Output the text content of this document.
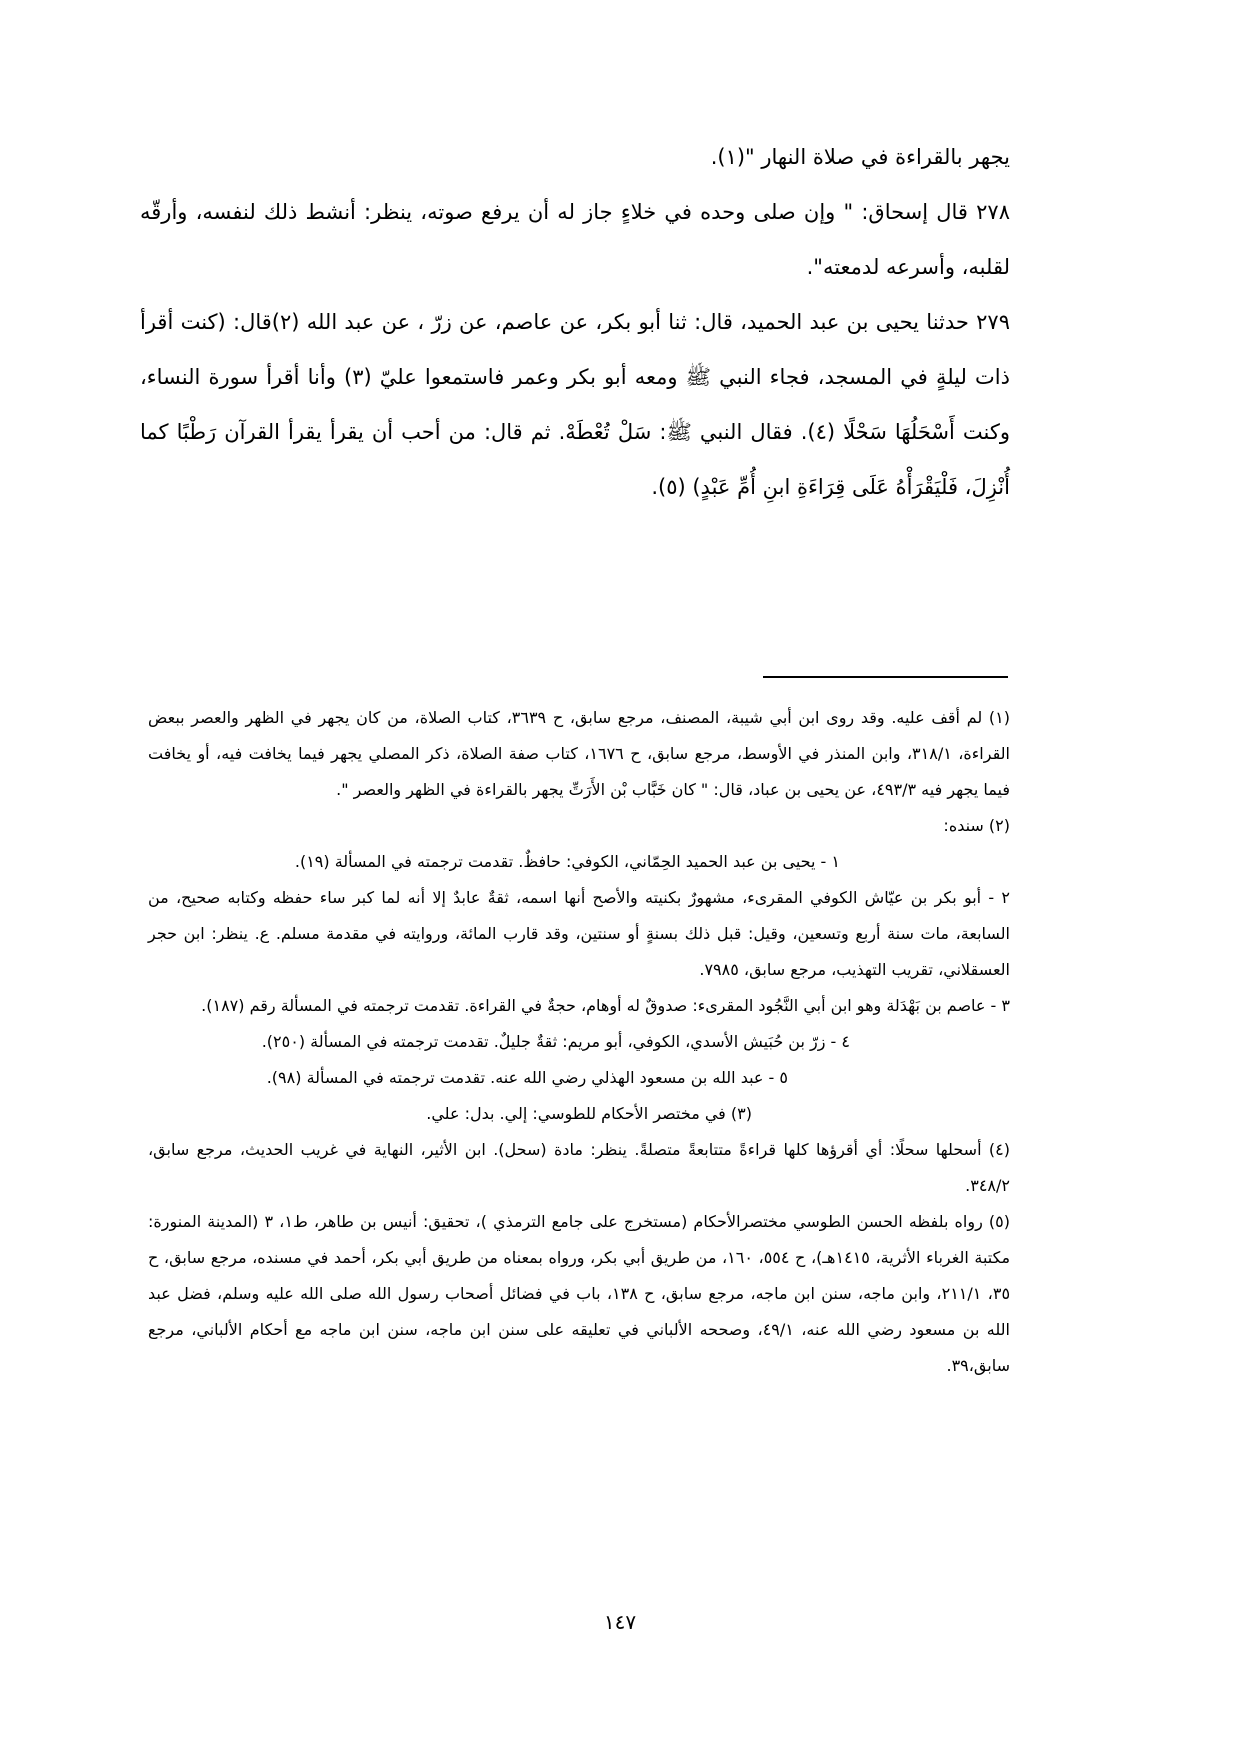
يجهر بالقراءة في صلاة النهار "(١).

٢٧٨ قال إسحاق: " وإن صلى وحده في خلاءٍ جاز له أن يرفع صوته، ينظر: أنشط ذلك لنفسه، وأرقّه لقلبه، وأسرعه لدمعته".

٢٧٩ حدثنا يحيى بن عبد الحميد، قال: ثنا أبو بكر، عن عاصم، عن زرّ ، عن عبد الله (٢)قال: (كنت أقرأ ذات ليلةٍ في المسجد، فجاء النبي ﷺ ومعه أبو بكر وعمر فاستمعوا عليّ (٣) وأنا أقرأ سورة النساء، وكنت أَسْحَلُهَا سَحْلًا (٤). فقال النبي ﷺ: سَلْ تُعْطَهْ. ثم قال: من أحب أن يقرأ يقرأ القرآن رَطْبًا كما أُنْزِلَ، فَلْيَقْرَأْهُ عَلَى قِرَاءَةِ ابنِ أُمِّ عَبْدٍ) (٥).

(١) لم أقف عليه. وقد روى ابن أبي شيبة، المصنف، مرجع سابق، ح ٣٦٣٩، كتاب الصلاة، من كان يجهر في الظهر والعصر ببعض القراءة، ٣١٨/١، وابن المنذر في الأوسط، مرجع سابق، ح ١٦٧٦، كتاب صفة الصلاة، ذكر المصلي يجهر فيما يخافت فيه، أو يخافت فيما يجهر فيه ٤٩٣/٣، عن يحيى بن عباد، قال: " كان خَبَّاب بْن الأَرَتِّ يجهر بالقراءة في الظهر والعصر ".

(٢) سنده:

١ - يحيى بن عبد الحميد الحِمّاني، الكوفي: حافظٌ. تقدمت ترجمته في المسألة (١٩).

٢ - أبو بكر بن عيّاش الكوفي المقرىء، مشهورٌ بكنيته والأصح أنها اسمه، ثقةٌ عابدٌ إلا أنه لما كبر ساء حفظه وكتابه صحيح، من السابعة، مات سنة أربع وتسعين، وقيل: قبل ذلك بسنةٍ أو سنتين، وقد قارب المائة، وروايته في مقدمة مسلم. ع. ينظر: ابن حجر العسقلاني، تقريب التهذيب، مرجع سابق، ٧٩٨٥.

٣ - عاصم بن بَهْدَلة وهو ابن أبي النَّجُود المقرىء: صدوقٌ له أوهام، حجةٌ في القراءة. تقدمت ترجمته في المسألة رقم (١٨٧).

٤ - زرّ بن حُبَيش الأسدي، الكوفي، أبو مريم: ثقةٌ جليلٌ. تقدمت ترجمته في المسألة (٢٥٠).

٥ - عبد الله بن مسعود الهذلي رضي الله عنه. تقدمت ترجمته في المسألة (٩٨).

(٣) في مختصر الأحكام للطوسي: إلي. بدل: علي.

(٤) أسحلها سحلًا: أي أقرؤها كلها قراءةً متتابعةً متصلةً. ينظر: مادة (سحل). ابن الأثير، النهاية في غريب الحديث، مرجع سابق، ٣٤٨/٢.

(٥) رواه بلفظه الحسن الطوسي مختصرالأحكام (مستخرج على جامع الترمذي )، تحقيق: أنيس بن طاهر، ط١، ٣ (المدينة المنورة: مكتبة الغرباء الأثرية، ١٤١٥هـ)، ح ٥٥٤، ١٦٠، من طريق أبي بكر، ورواه بمعناه من طريق أبي بكر، أحمد في مسنده، مرجع سابق، ح ٣٥، ٢١١/١، وابن ماجه، سنن ابن ماجه، مرجع سابق، ح ١٣٨، باب في فضائل أصحاب رسول الله صلى الله عليه وسلم، فضل عبد الله بن مسعود رضي الله عنه، ٤٩/١، وصححه الألباني في تعليقه على سنن ابن ماجه، سنن ابن ماجه مع أحكام الألباني، مرجع سابق،٣٩.

١٤٧
